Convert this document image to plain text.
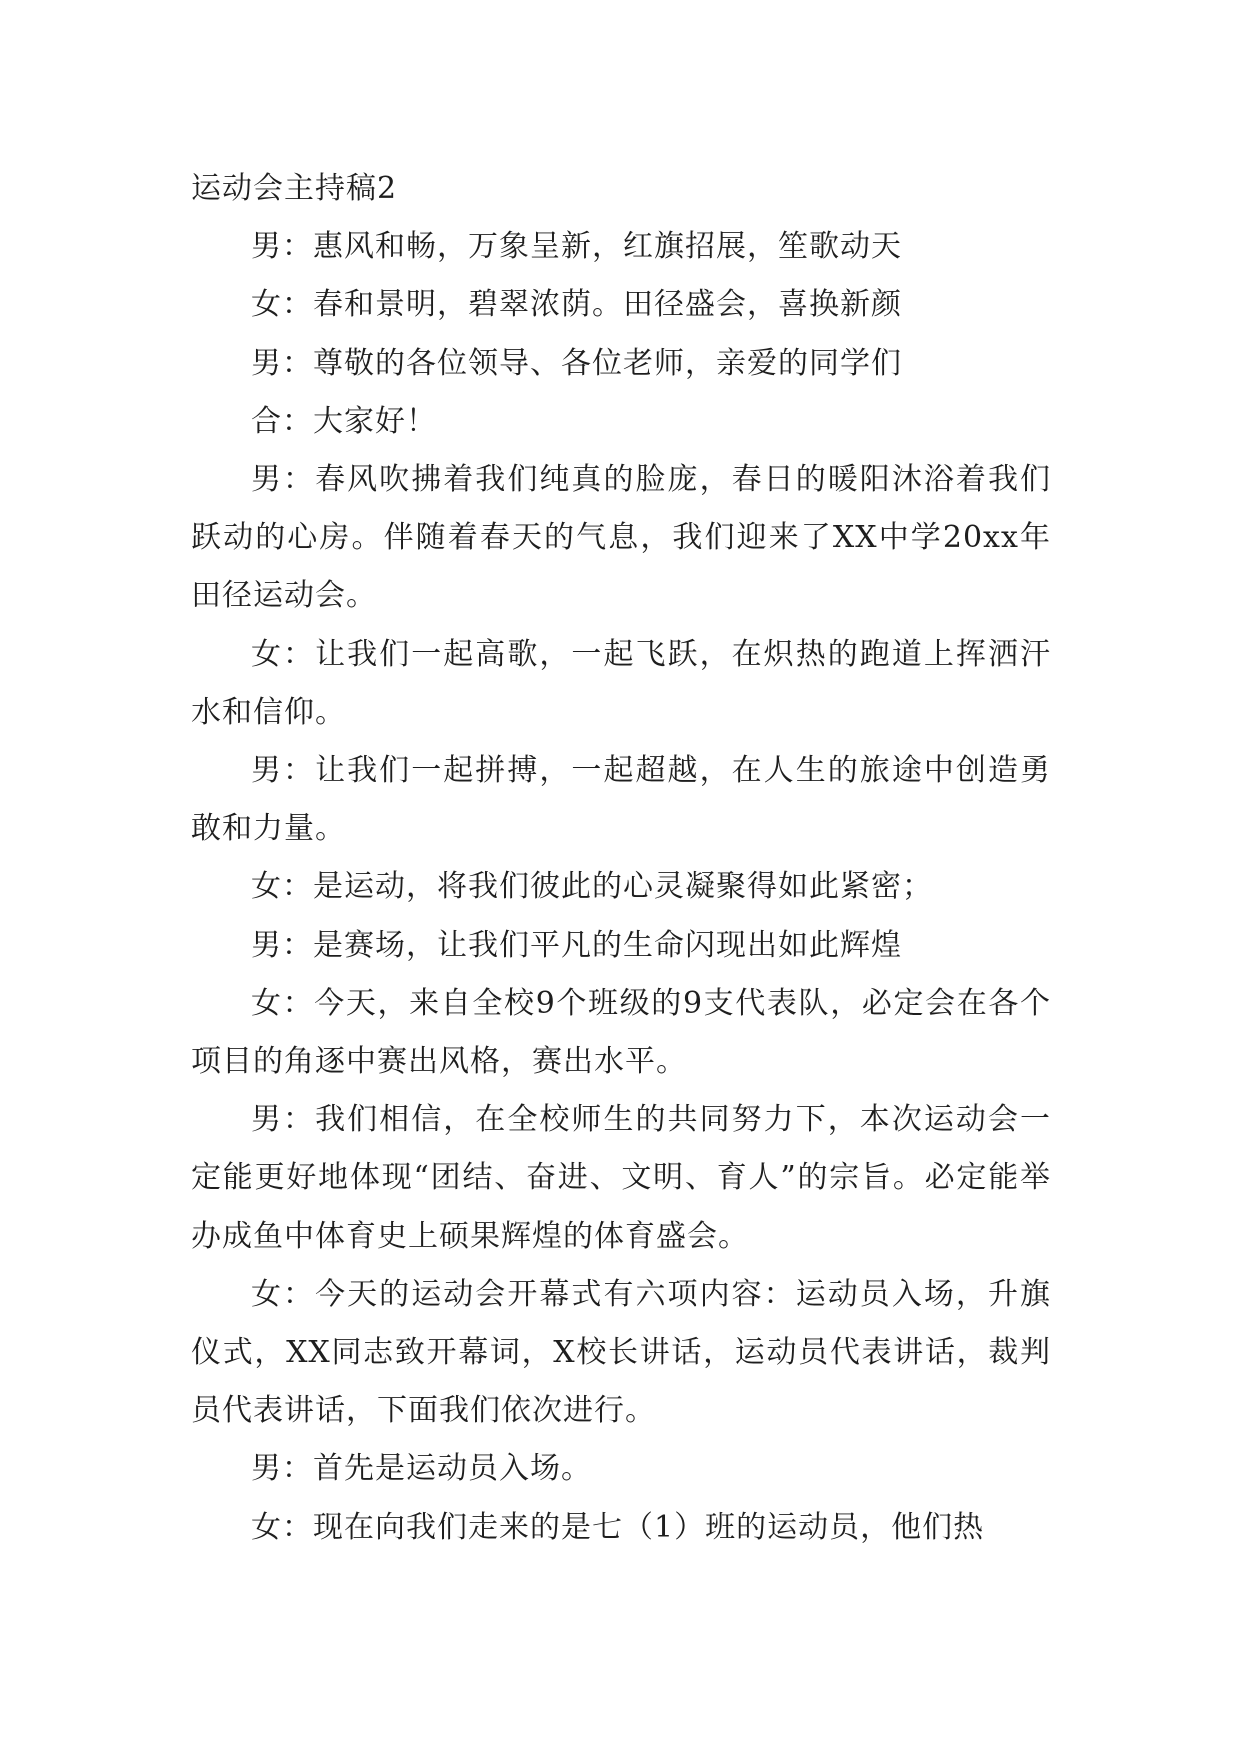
运动会主持稿2

男：惠风和畅，万象呈新，红旗招展，笙歌动天

女：春和景明，碧翠浓荫。田径盛会，喜换新颜

男：尊敬的各位领导、各位老师，亲爱的同学们

合：大家好！

男：春风吹拂着我们纯真的脸庞，春日的暖阳沐浴着我们跃动的心房。伴随着春天的气息，我们迎来了XX中学20xx年田径运动会。

女：让我们一起高歌，一起飞跃，在炽热的跑道上挥洒汗水和信仰。

男：让我们一起拼搏，一起超越，在人生的旅途中创造勇敢和力量。

女：是运动，将我们彼此的心灵凝聚得如此紧密；

男：是赛场，让我们平凡的生命闪现出如此辉煌

女：今天，来自全校9个班级的9支代表队，必定会在各个项目的角逐中赛出风格，赛出水平。

男：我们相信，在全校师生的共同努力下，本次运动会一定能更好地体现“团结、奋进、文明、育人”的宗旨。必定能举办成鱼中体育史上硕果辉煌的体育盛会。

女：今天的运动会开幕式有六项内容：运动员入场，升旗仪式，XX同志致开幕词，X校长讲话，运动员代表讲话，裁判员代表讲话，下面我们依次进行。

男：首先是运动员入场。

女：现在向我们走来的是七（1）班的运动员，他们热
